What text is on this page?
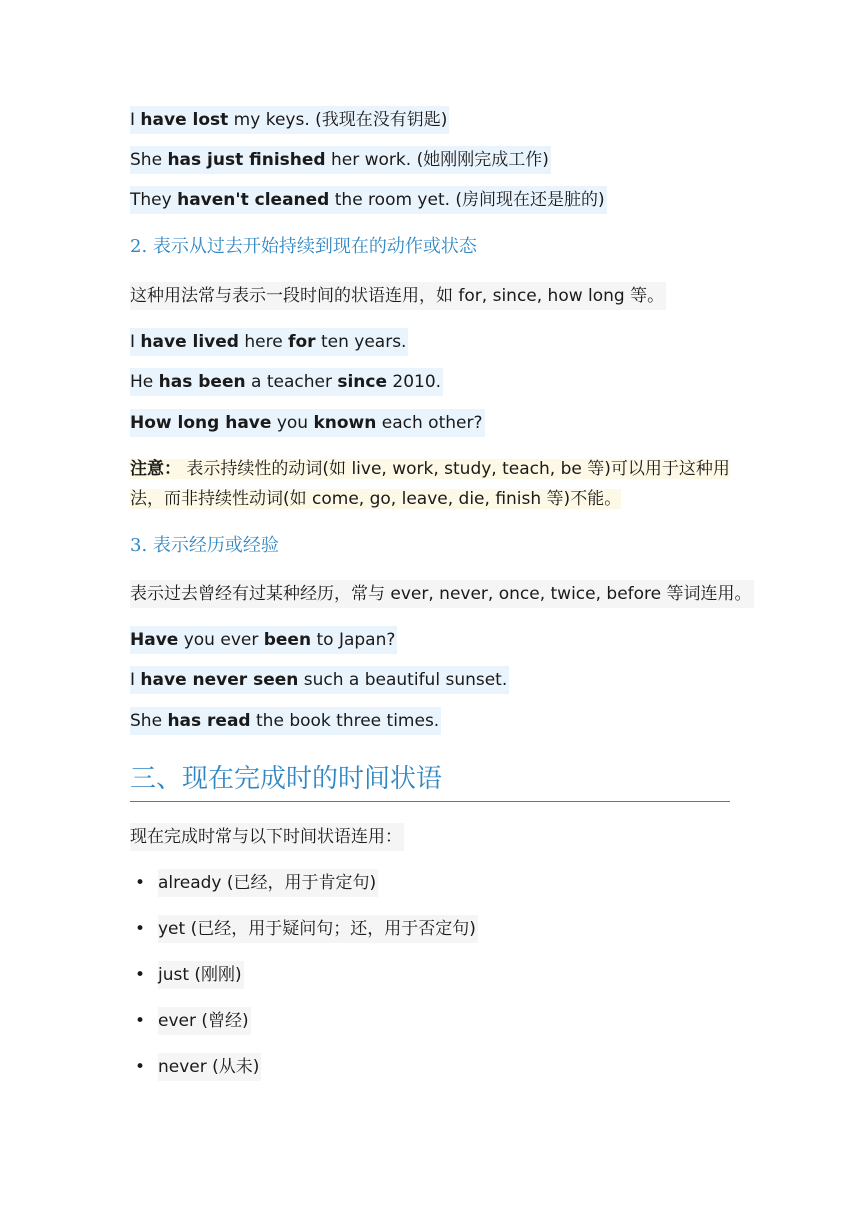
I have lost my keys. (我现在没有钥匙)
She has just finished her work. (她刚刚完成工作)
They haven't cleaned the room yet. (房间现在还是脏的)
2. 表示从过去开始持续到现在的动作或状态
这种用法常与表示一段时间的状语连用，如 for, since, how long 等。
I have lived here for ten years.
He has been a teacher since 2010.
How long have you known each other?
注意： 表示持续性的动词(如 live, work, study, teach, be 等)可以用于这种用
法，而非持续性动词(如 come, go, leave, die, finish 等)不能。
3. 表示经历或经验
表示过去曾经有过某种经历，常与 ever, never, once, twice, before 等词连用。
Have you ever been to Japan?
I have never seen such a beautiful sunset.
She has read the book three times.
三、现在完成时的时间状语
现在完成时常与以下时间状语连用：
• already (已经，用于肯定句)
• yet (已经，用于疑问句；还，用于否定句)
• just (刚刚)
• ever (曾经)
• never (从未)
